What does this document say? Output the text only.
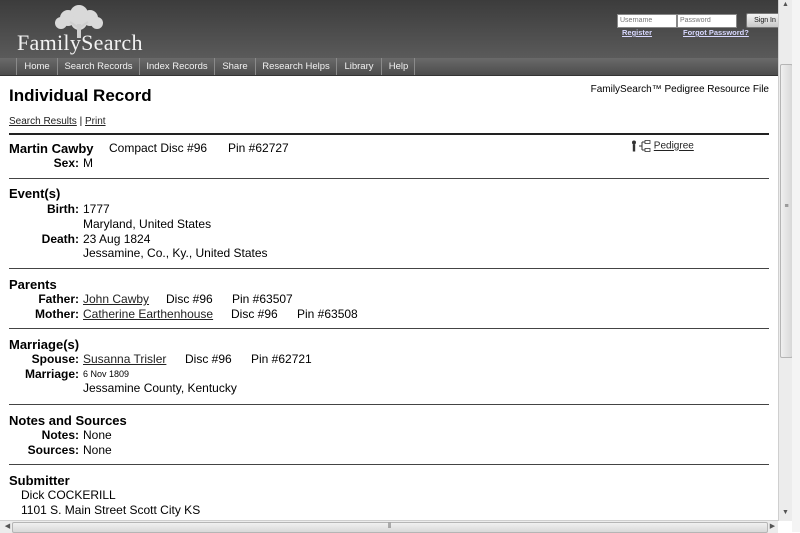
FamilySearch
Username
Password
Sign In
Register	Forgot Password?
Home	Search Records	Index Records	Share	Research Helps	Library	Help
Individual Record	FamilySearch™ Pedigree Resource File
Search Results | Print
Martin Cawby Compact Disc #96 Pin #62727
Sex: M
Pedigree
Event(s)
Birth: 1777
Maryland, United States
Death: 23 Aug 1824
Jessamine, Co., Ky., United States
Parents
Father: John Cawby Disc #96 Pin #63507
Mother: Catherine Earthenhouse Disc #96 Pin #63508
Marriage(s)
Spouse: Susanna Trisler Disc #96 Pin #62721
Marriage: 6 Nov 1809
Jessamine County, Kentucky
Notes and Sources
Notes: None
Sources: None
Submitter
Dick COCKERILL
1101 S. Main Street Scott City KS
▲
≡
▼
◀	⦀	▶
